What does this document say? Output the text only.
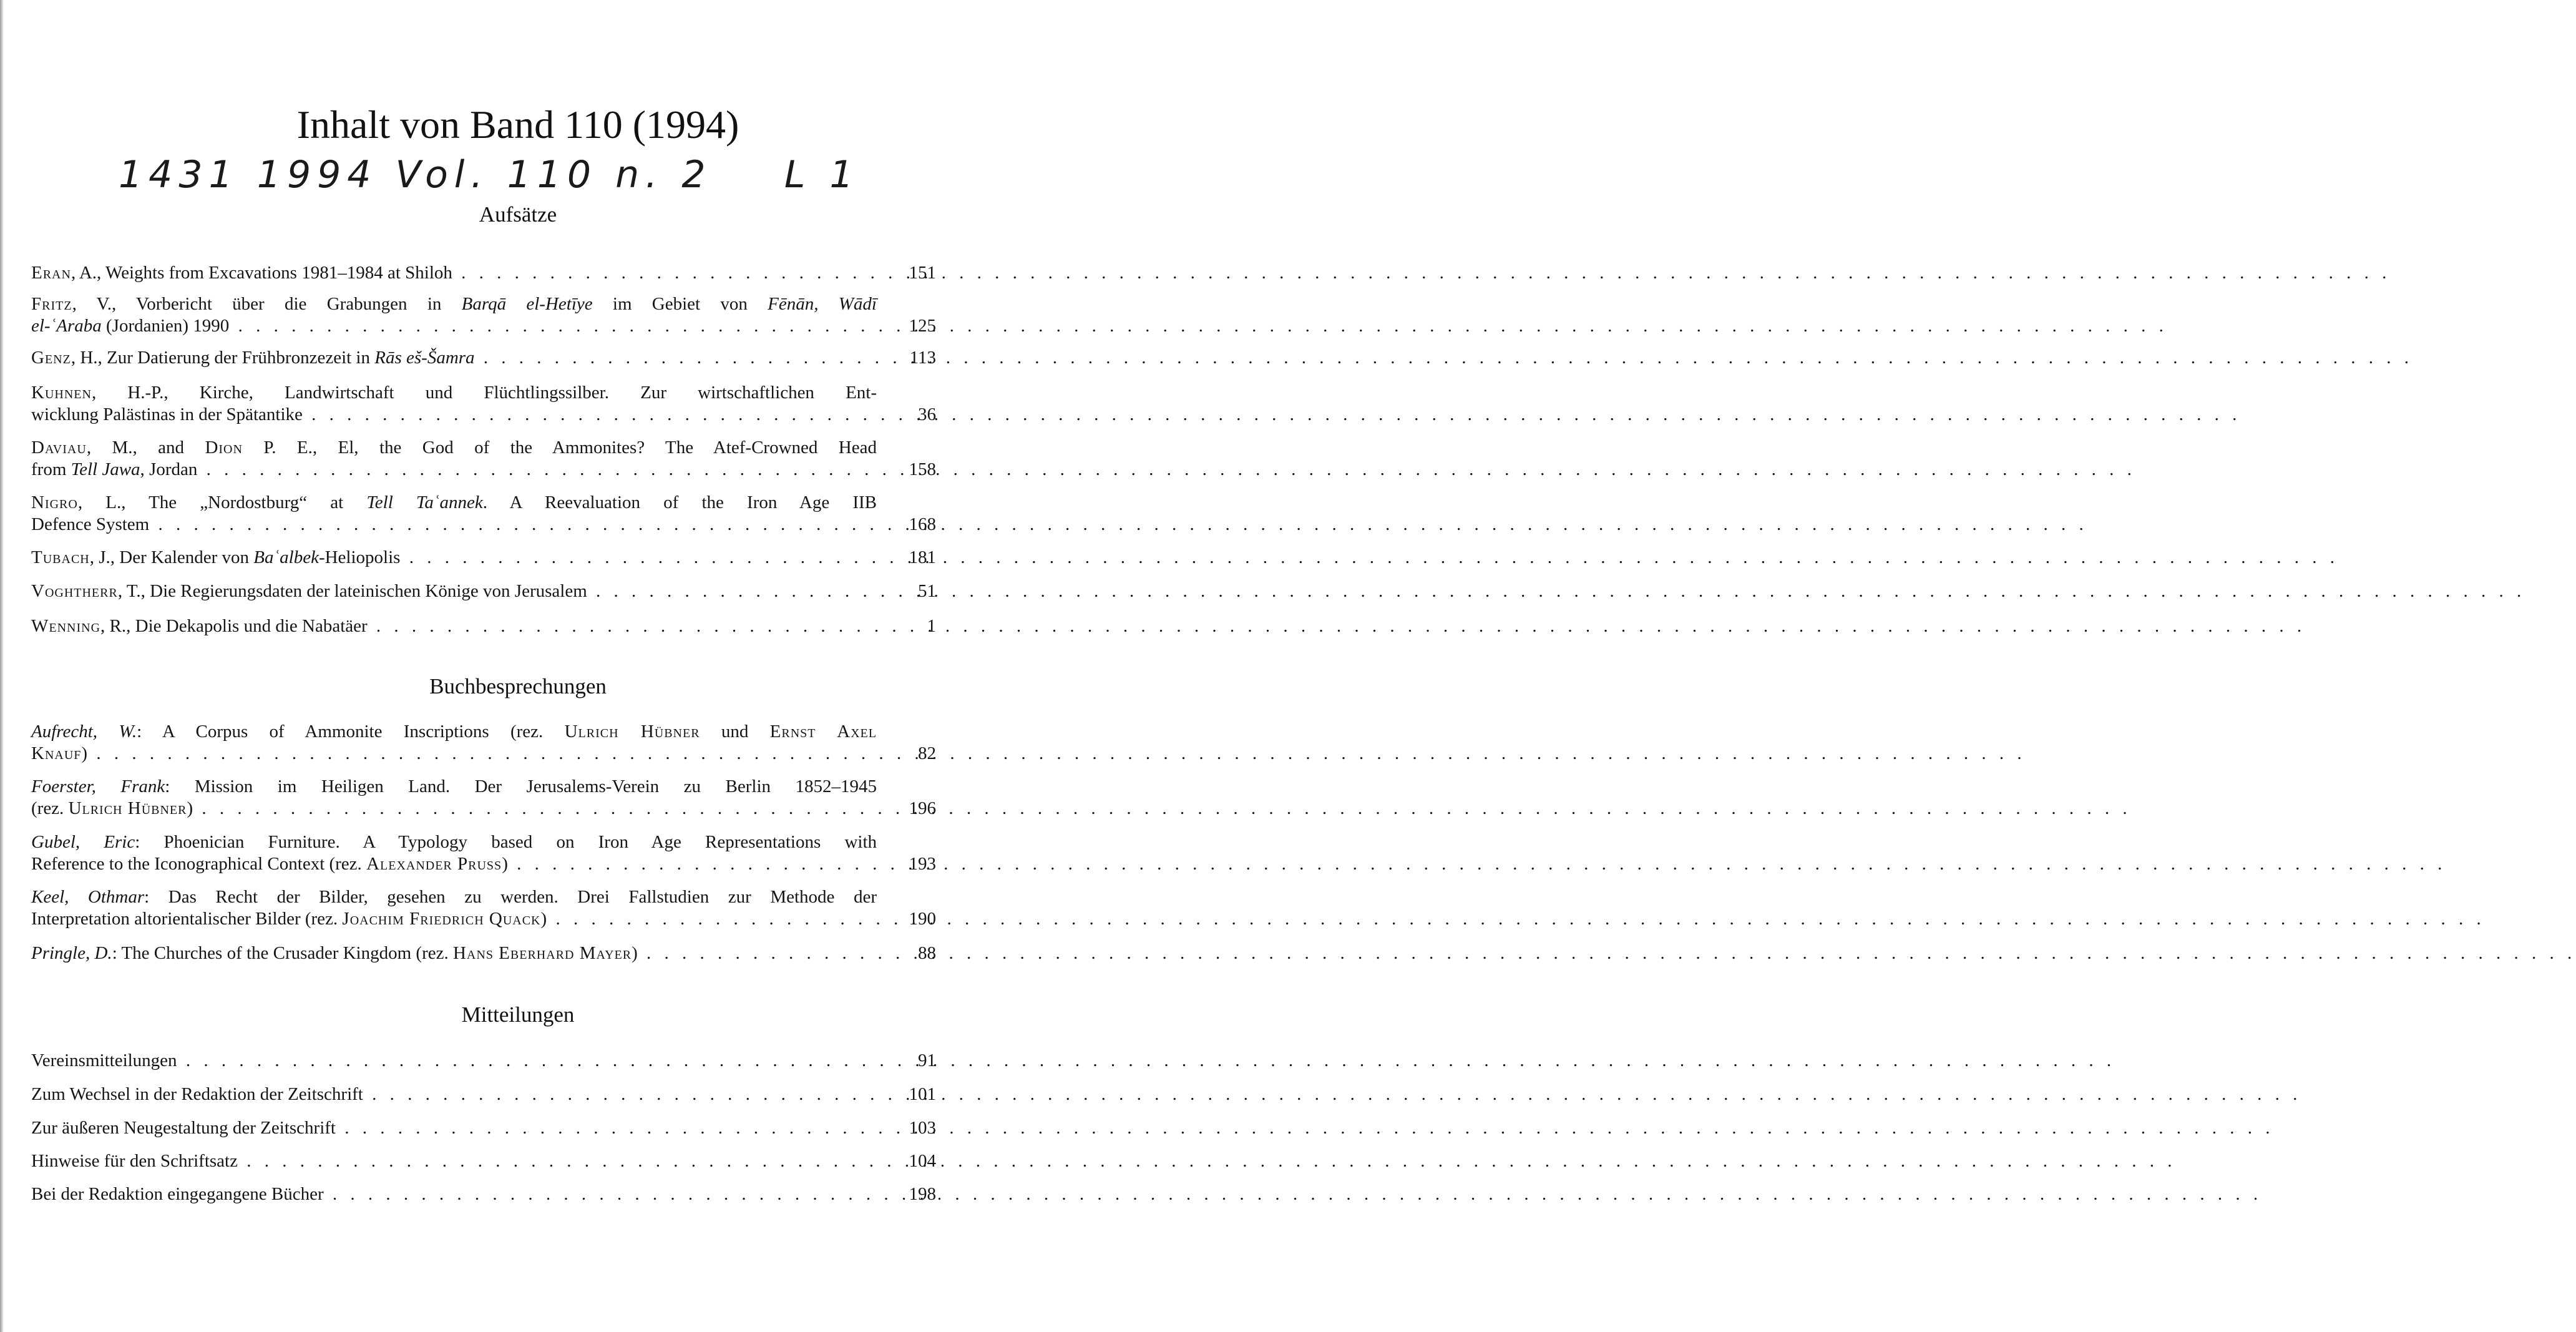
Inhalt von Band 110 (1994)
1431 1994 Vol. 110 n. 2    L 1
Aufsätze
Eran, A., Weights from Excavations 1981–1984 at Shiloh . . .	151
Fritz, V., Vorbericht über die Grabungen in Barqā el-Hetīye im Gebiet von Fēnān, Wādī
el-ʿAraba (Jordanien) 1990 . . .	125
Genz, H., Zur Datierung der Frühbronzezeit in Rās eš-Šamra . . .	113
Kuhnen, H.-P., Kirche, Landwirtschaft und Flüchtlingssilber. Zur wirtschaftlichen Ent-
wicklung Palästinas in der Spätantike . . .	36
Daviau, M., and Dion P. E., El, the God of the Ammonites? The Atef-Crowned Head
from Tell Jawa, Jordan . . .	158
Nigro, L., The „Nordostburg“ at Tell Taʿannek. A Reevaluation of the Iron Age IIB
Defence System . . .	168
Tubach, J., Der Kalender von Baʿalbek-Heliopolis . . .	181
Voghtherr, T., Die Regierungsdaten der lateinischen Könige von Jerusalem . . .	51
Wenning, R., Die Dekapolis und die Nabatäer . . .	1
Buchbesprechungen
Aufrecht, W.: A Corpus of Ammonite Inscriptions (rez. Ulrich Hübner und Ernst Axel
Knauf) . . .	82
Foerster, Frank: Mission im Heiligen Land. Der Jerusalems-Verein zu Berlin 1852–1945
(rez. Ulrich Hübner) . . .	196
Gubel, Eric: Phoenician Furniture. A Typology based on Iron Age Representations with
Reference to the Iconographical Context (rez. Alexander Pruss) . . .	193
Keel, Othmar: Das Recht der Bilder, gesehen zu werden. Drei Fallstudien zur Methode der
Interpretation altorientalischer Bilder (rez. Joachim Friedrich Quack) . . .	190
Pringle, D.: The Churches of the Crusader Kingdom (rez. Hans Eberhard Mayer) . . .	88
Mitteilungen
Vereinsmitteilungen . . .	91
Zum Wechsel in der Redaktion der Zeitschrift . . .	101
Zur äußeren Neugestaltung der Zeitschrift . . .	103
Hinweise für den Schriftsatz . . .	104
Bei der Redaktion eingegangene Bücher . . .	198
